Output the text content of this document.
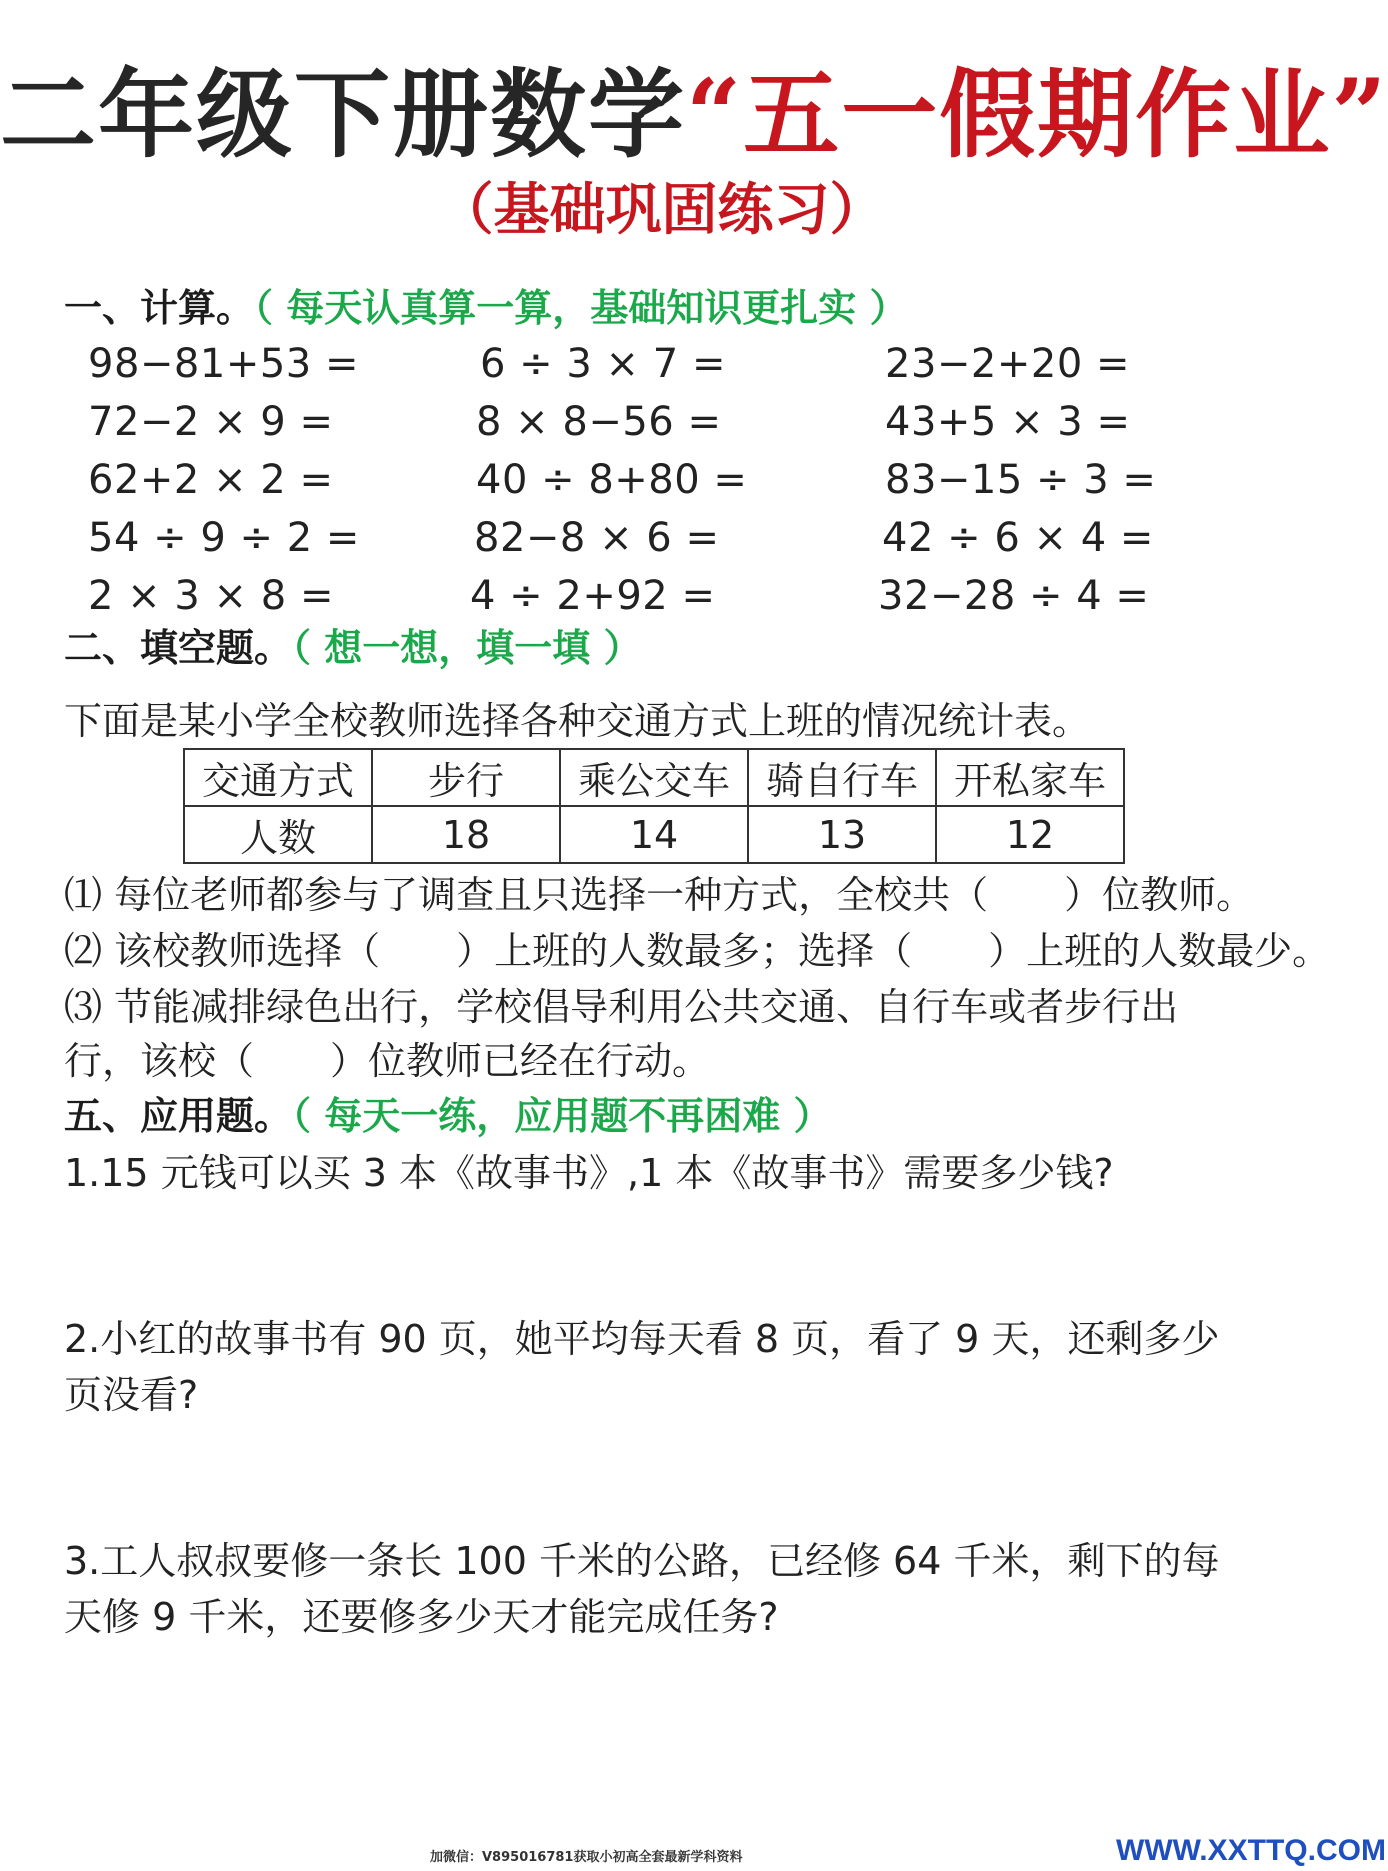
二年级下册数学“五一假期作业”
（基础巩固练习）
一、计算。（ 每天认真算一算，基础知识更扎实 ）
98−81+53 =	6 ÷ 3 × 7 =	23−2+20 =
72−2 × 9 =	8 × 8−56 =	43+5 × 3 =
62+2 × 2 =	40 ÷ 8+80 =	83−15 ÷ 3 =
54 ÷ 9 ÷ 2 =	82−8 × 6 =	42 ÷ 6 × 4 =
2 × 3 × 8 =	4 ÷ 2+92 =	32−28 ÷ 4 =
二、填空题。（ 想一想，填一填 ）
下面是某小学全校教师选择各种交通方式上班的情况统计表。
交通方式	步行	乘公交车	骑自行车	开私家车
人数	18	14	13	12
⑴ 每位老师都参与了调查且只选择一种方式，全校共（　　）位教师。
⑵ 该校教师选择（　　）上班的人数最多；选择（　　）上班的人数最少。
⑶ 节能减排绿色出行，学校倡导利用公共交通、自行车或者步行出
行，该校（　　）位教师已经在行动。
五、应用题。（ 每天一练，应用题不再困难 ）
1.15 元钱可以买 3 本《故事书》,1 本《故事书》需要多少钱?
2.小红的故事书有 90 页，她平均每天看 8 页，看了 9 天，还剩多少
页没看?
3.工人叔叔要修一条长 100 千米的公路，已经修 64 千米，剩下的每
天修 9 千米，还要修多少天才能完成任务?
加微信：V895016781获取小初高全套最新学科资料	WWW.XXTTQ.COM
